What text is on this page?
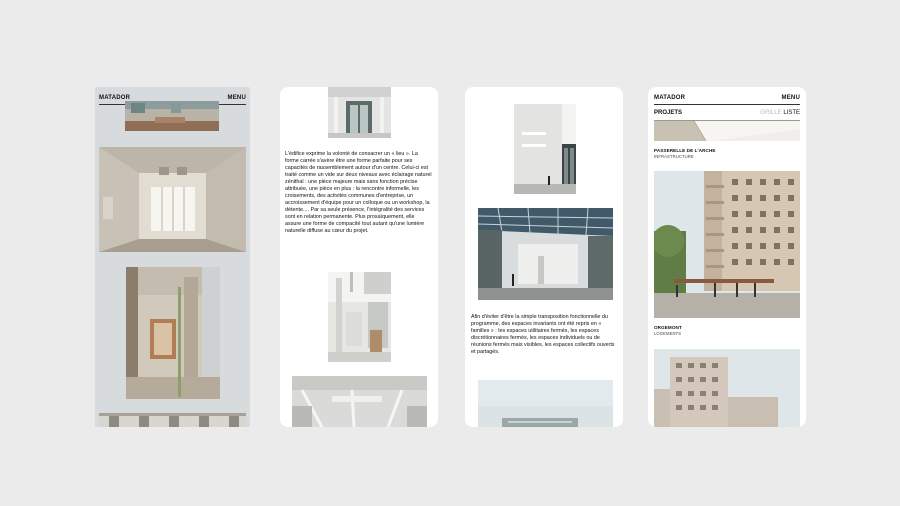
MATADOR	MENU

L'édifice exprime la volonté de consacrer un « lieu ». La forme carrée s'avère être une forme parfaite pour ses capacités de rassemblement autour d'un centre. Celui-ci est traité comme un vide sur deux niveaux avec éclairage naturel zénithal : une pièce majeure mais sans fonction précise attribuée, une pièce en plus : la rencontre informelle, les croisements, des activités communes d'entreprise, un accroissement d'équipe pour un colloque ou un workshop, la détente.... Par sa seule présence, l'intégralité des services sont en relation permanente. Plus prosaïquement, elle assure une forme de compacité tout autant qu'une lumière naturelle diffuse au cœur du projet.

Afin d'éviter d'être la simple transposition fonctionnelle du programme, des espaces invariants ont été repris en « familles » : les espaces utilitaires fermés, les espaces discrétionnaires fermés, les espaces individuels ou de réunions fermés mais visibles, les espaces collectifs ouverts et partagés.

MATADOR	MENU
PROJETS	GRILLE LISTE
PASSERELLE DE L'ARCHE
INFRASTRUCTURE
ORGEMONT
LOGEMENTS
